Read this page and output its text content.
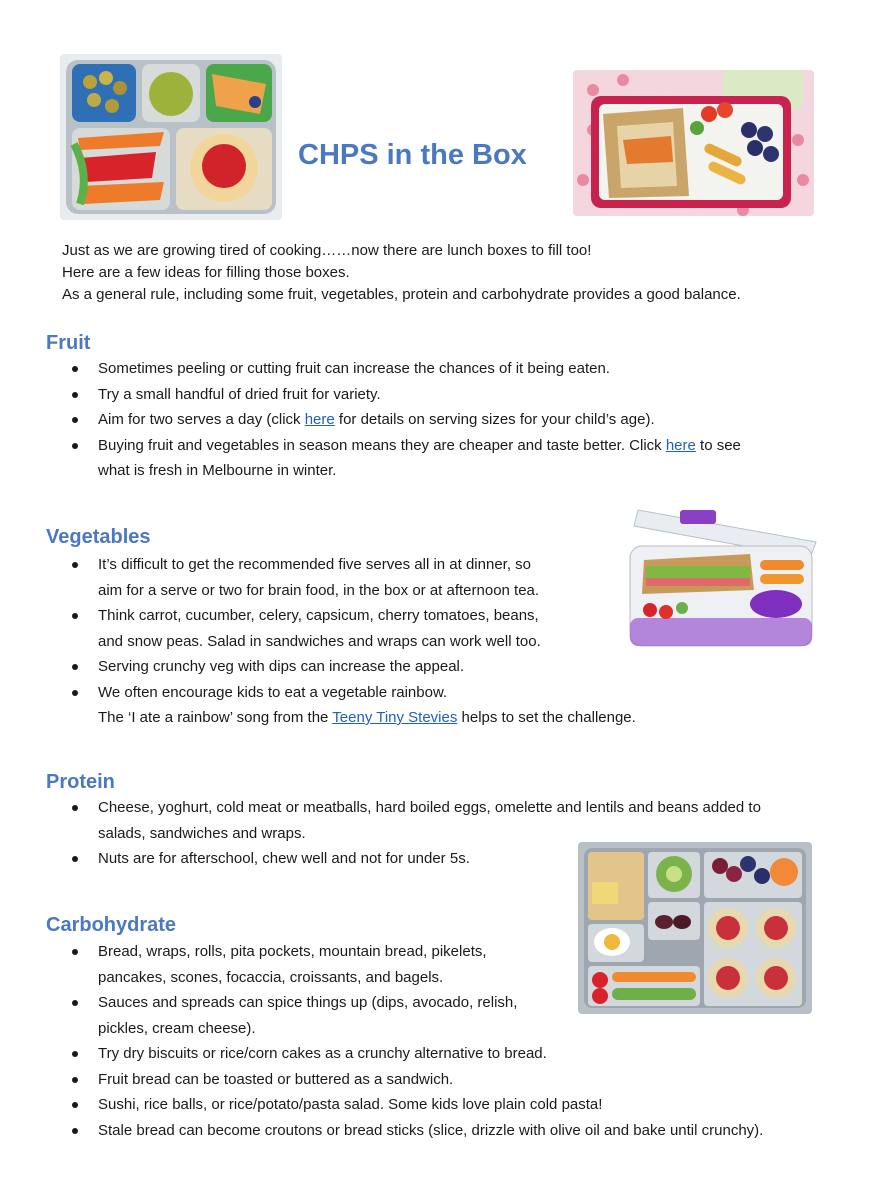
CHPS in the Box

Just as we are growing tired of cooking……now there are lunch boxes to fill too!

Here are a few ideas for filling those boxes.

As a general rule, including some fruit, vegetables, protein and carbohydrate provides a good balance.

Fruit
Sometimes peeling or cutting fruit can increase the chances of it being eaten.
Try a small handful of dried fruit for variety.
Aim for two serves a day (click here for details on serving sizes for your child’s age).
Buying fruit and vegetables in season means they are cheaper and taste better. Click here to see
what is fresh in Melbourne in winter.
Vegetables
It’s difficult to get the recommended five serves all in at dinner, so
aim for a serve or two for brain food, in the box or at afternoon tea.
Think carrot, cucumber, celery, capsicum, cherry tomatoes, beans,
and snow peas. Salad in sandwiches and wraps can work well too.
Serving crunchy veg with dips can increase the appeal.
We often encourage kids to eat a vegetable rainbow.
The ‘I ate a rainbow’ song from the Teeny Tiny Stevies helps to set the challenge.
Protein
Cheese, yoghurt, cold meat or meatballs, hard boiled eggs, omelette and lentils and beans added to
salads, sandwiches and wraps.
Nuts are for afterschool, chew well and not for under 5s.
Carbohydrate
Bread, wraps, rolls, pita pockets, mountain bread, pikelets,
pancakes, scones, focaccia, croissants, and bagels.
Sauces and spreads can spice things up (dips, avocado, relish,
pickles, cream cheese).
Try dry biscuits or rice/corn cakes as a crunchy alternative to bread.
Fruit bread can be toasted or buttered as a sandwich.
Sushi, rice balls, or rice/potato/pasta salad. Some kids love plain cold pasta!
Stale bread can become croutons or bread sticks (slice, drizzle with olive oil and bake until crunchy).
